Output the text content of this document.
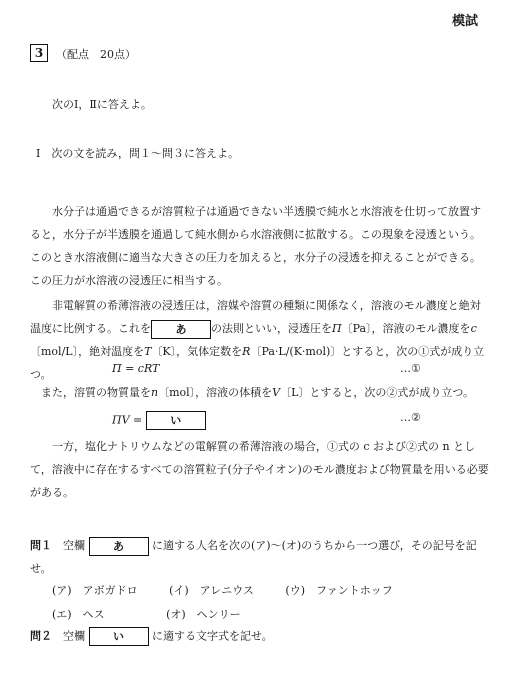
模試
3	（配点　20点）
次のⅠ，Ⅱに答えよ。
Ⅰ　次の文を読み，問１～問３に答えよ。
水分子は通過できるが溶質粒子は通過できない半透膜で純水と水溶液を仕切って放置すると，水分子が半透膜を通過して純水側から水溶液側に拡散する。この現象を浸透という。このとき水溶液側に適当な大きさの圧力を加えると，水分子の浸透を抑えることができる。この圧力が水溶液の浸透圧に相当する。
非電解質の希薄溶液の浸透圧は，溶媒や溶質の種類に関係なく，溶液のモル濃度と絶対温度に比例する。これを あ の法則といい，浸透圧をΠ〔Pa〕，溶液のモル濃度をc〔mol/L〕，絶対温度をT〔K〕，気体定数をR〔Pa·L/(K·mol)〕とすると，次の①式が成り立つ。	Π = cRT	…①
　また，溶質の物質量をn〔mol〕，溶液の体積をV〔L〕とすると，次の②式が成り立つ。
ΠV =	い	…②
一方，塩化ナトリウムなどの電解質の希薄溶液の場合，①式の c および②式の n として，溶液中に存在するすべての溶質粒子(分子やイオン)のモル濃度および物質量を用いる必要がある。
問１　 空欄	あ	に適する人名を次の(ア)～(オ)のうちから一つ選び，その記号を記せ。
(ア)　アボガドロ	(イ)　アレニウス	(ウ)　ファントホッフ
(エ)　ヘス	(オ)　ヘンリー
問２　 空欄	い	に適する文字式を記せ。
